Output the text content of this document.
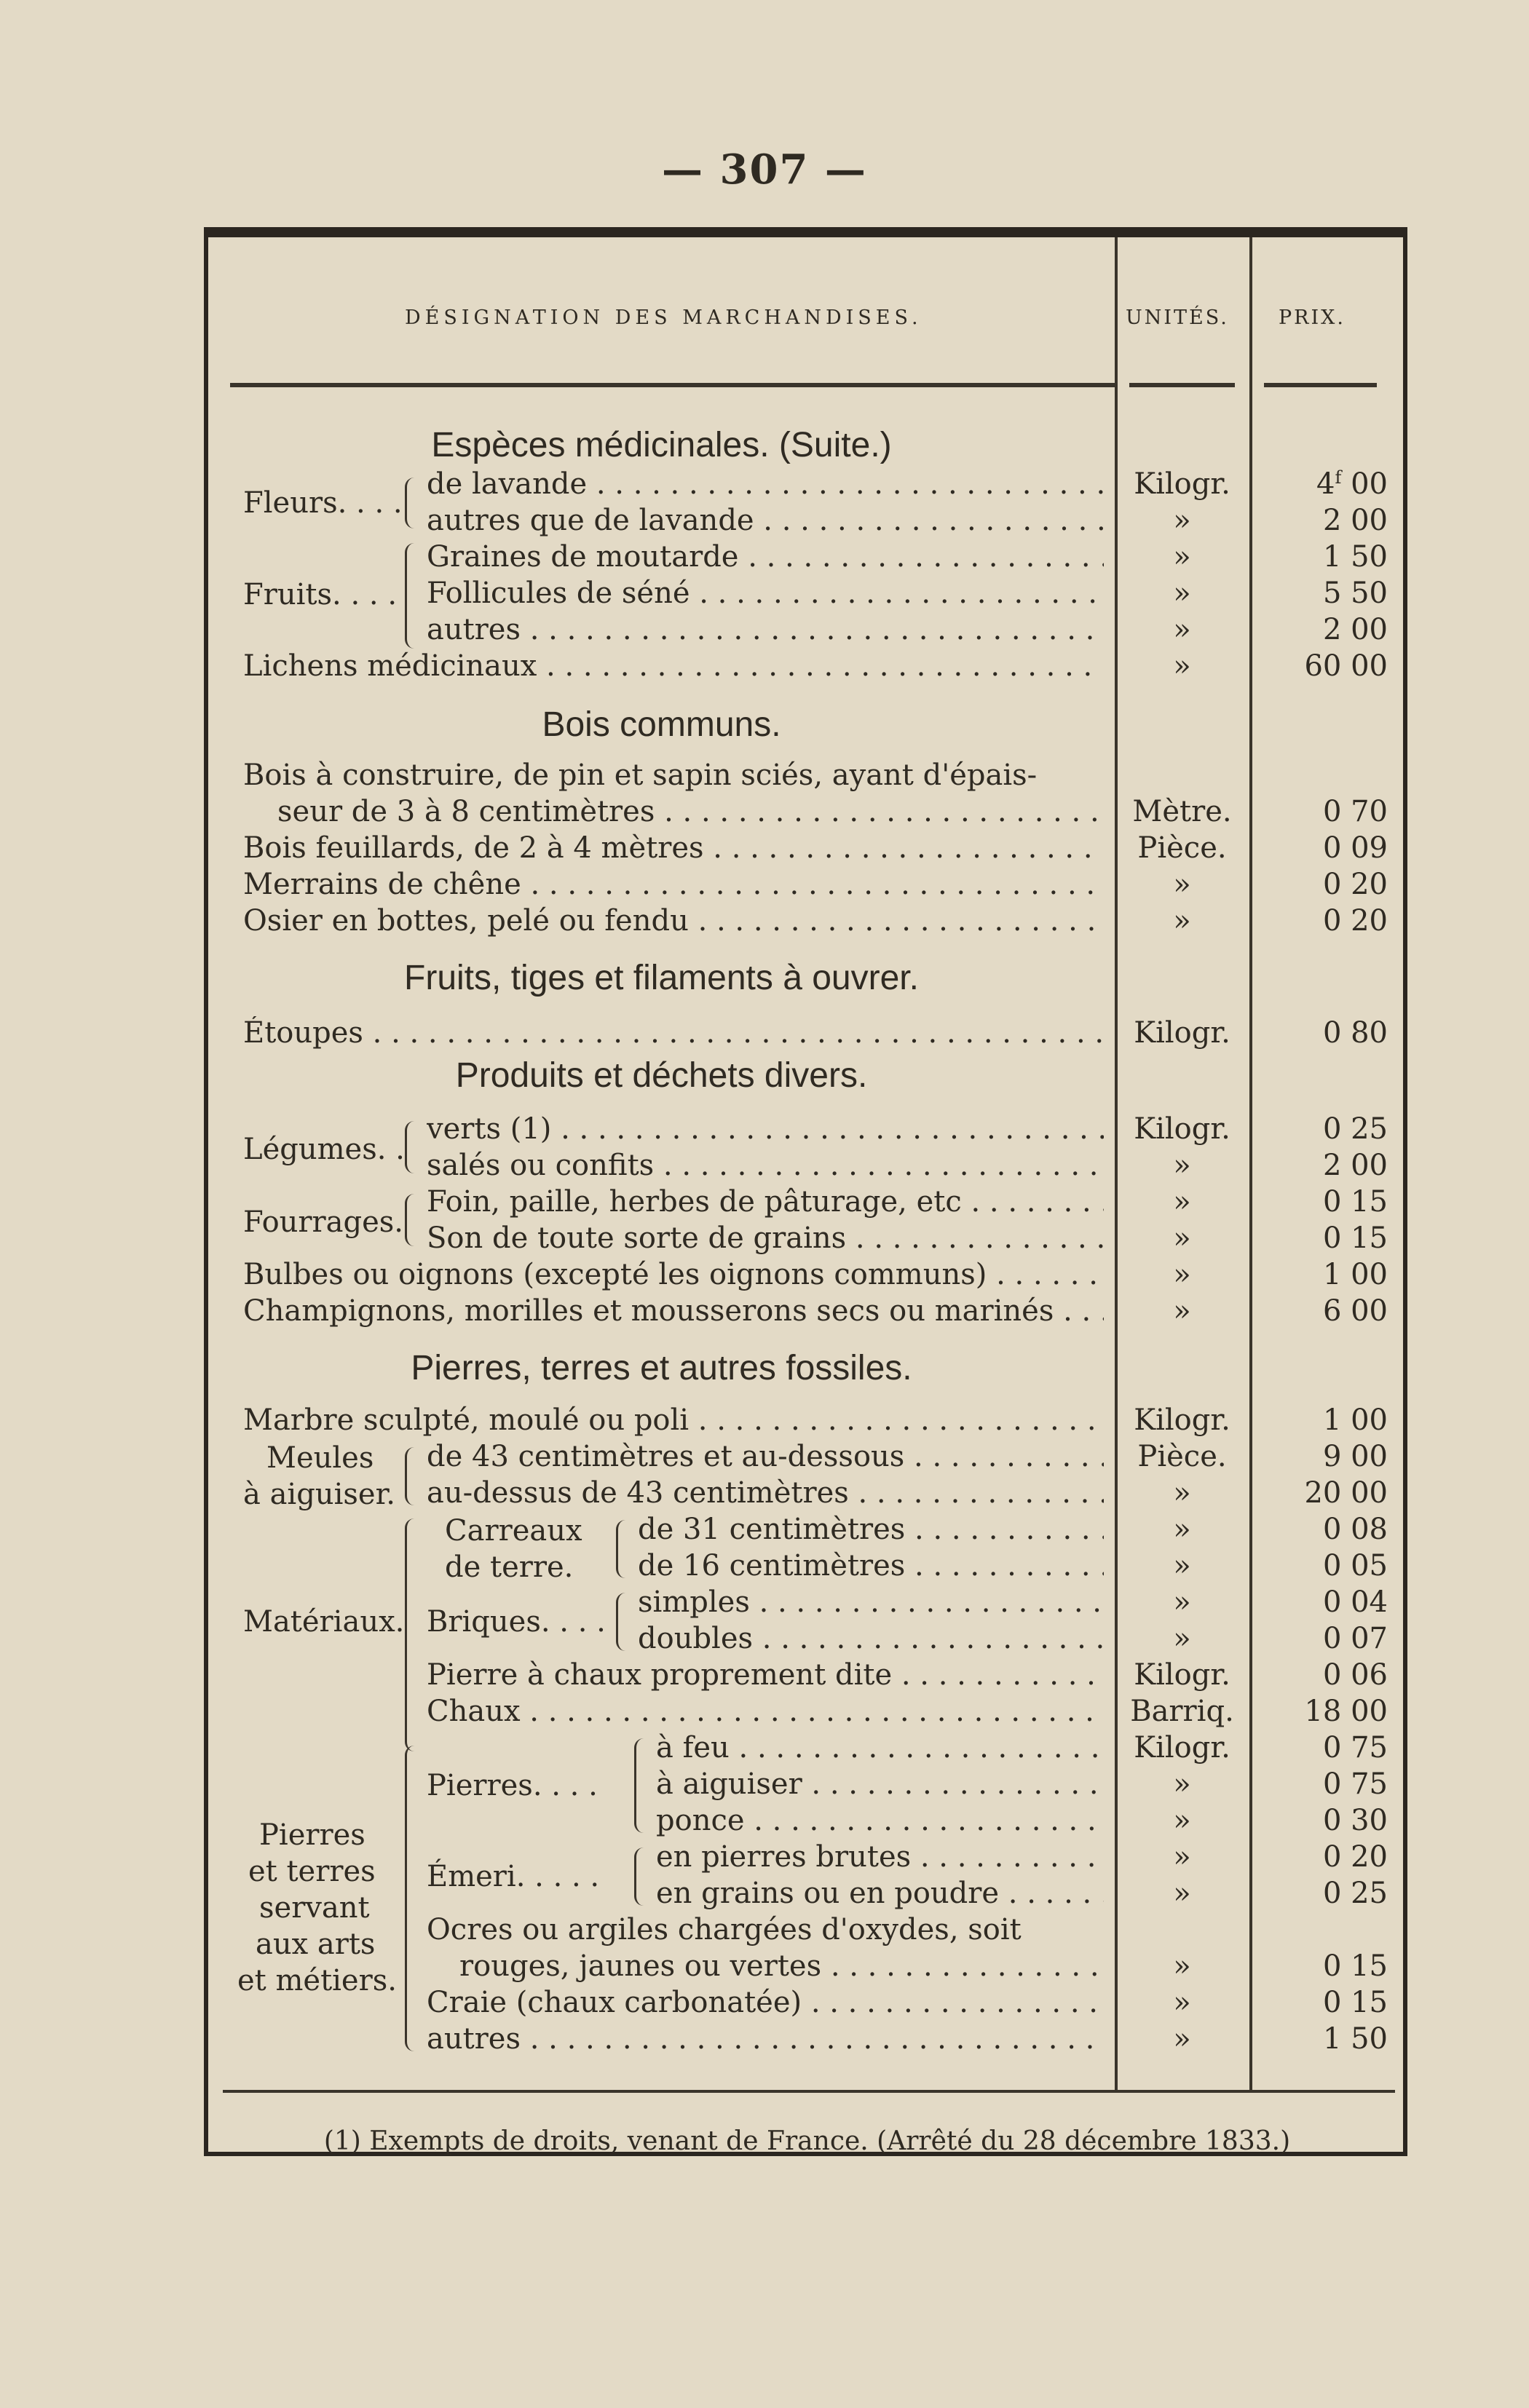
— 307 —
DÉSIGNATION DES MARCHANDISES.	UNITÉS.	PRIX.
Espèces médicinales. (Suite.)
Fleurs. . . .
de lavande . . .	Kilogr.	4$^f$ 00
autres que de lavande . . .	»	2 00
Fruits. . . .
Graines de moutarde . . .	»	1 50
Follicules de séné . . .	»	5 50
autres . . .	»	2 00
Lichens médicinaux . . .	»	60 00
Bois communs.
Bois à construire, de pin et sapin sciés, ayant d'épais-
seur de 3 à 8 centimètres . . .	Mètre.	0 70
Bois feuillards, de 2 à 4 mètres . . .	Pièce.	0 09
Merrains de chêne . . .	»	0 20
Osier en bottes, pelé ou fendu . . .	»	0 20
Fruits, tiges et filaments à ouvrer.
Étoupes . . .	Kilogr.	0 80
Produits et déchets divers.
Légumes. .
verts (1) . . .	Kilogr.	0 25
salés ou confits . . .	»	2 00
Fourrages.
Foin, paille, herbes de pâturage, etc . . .	»	0 15
Son de toute sorte de grains . . .	»	0 15
Bulbes ou oignons (excepté les oignons communs) . . .	»	1 00
Champignons, morilles et mousserons secs ou marinés . . .	»	6 00
Pierres, terres et autres fossiles.
Marbre sculpté, moulé ou poli . . .	Kilogr.	1 00
Meules
à aiguiser.
de 43 centimètres et au-dessous . . .	Pièce.	9 00
au-dessus de 43 centimètres . . .	»	20 00
Matériaux.
Carreaux
de terre.
de 31 centimètres . . .	»	0 08
de 16 centimètres . . .	»	0 05
Briques. . . .
simples . . .	»	0 04
doubles . . .	»	0 07
Pierre à chaux proprement dite . . .	Kilogr.	0 06
Chaux . . .	Barriq.	18 00
Pierres. . . .
à feu . . .	Kilogr.	0 75
à aiguiser . . .	»	0 75
ponce . . .	»	0 30
Émeri. . . . .
en pierres brutes . . .	»	0 20
en grains ou en poudre . . .	»	0 25
Ocres ou argiles chargées d'oxydes, soit
rouges, jaunes ou vertes . . .	»	0 15
Craie (chaux carbonatée) . . .	»	0 15
autres . . .	»	1 50
Pierres
et terres
servant
aux arts
et métiers.
(1) Exempts de droits, venant de France. (Arrêté du 28 décembre 1833.)
